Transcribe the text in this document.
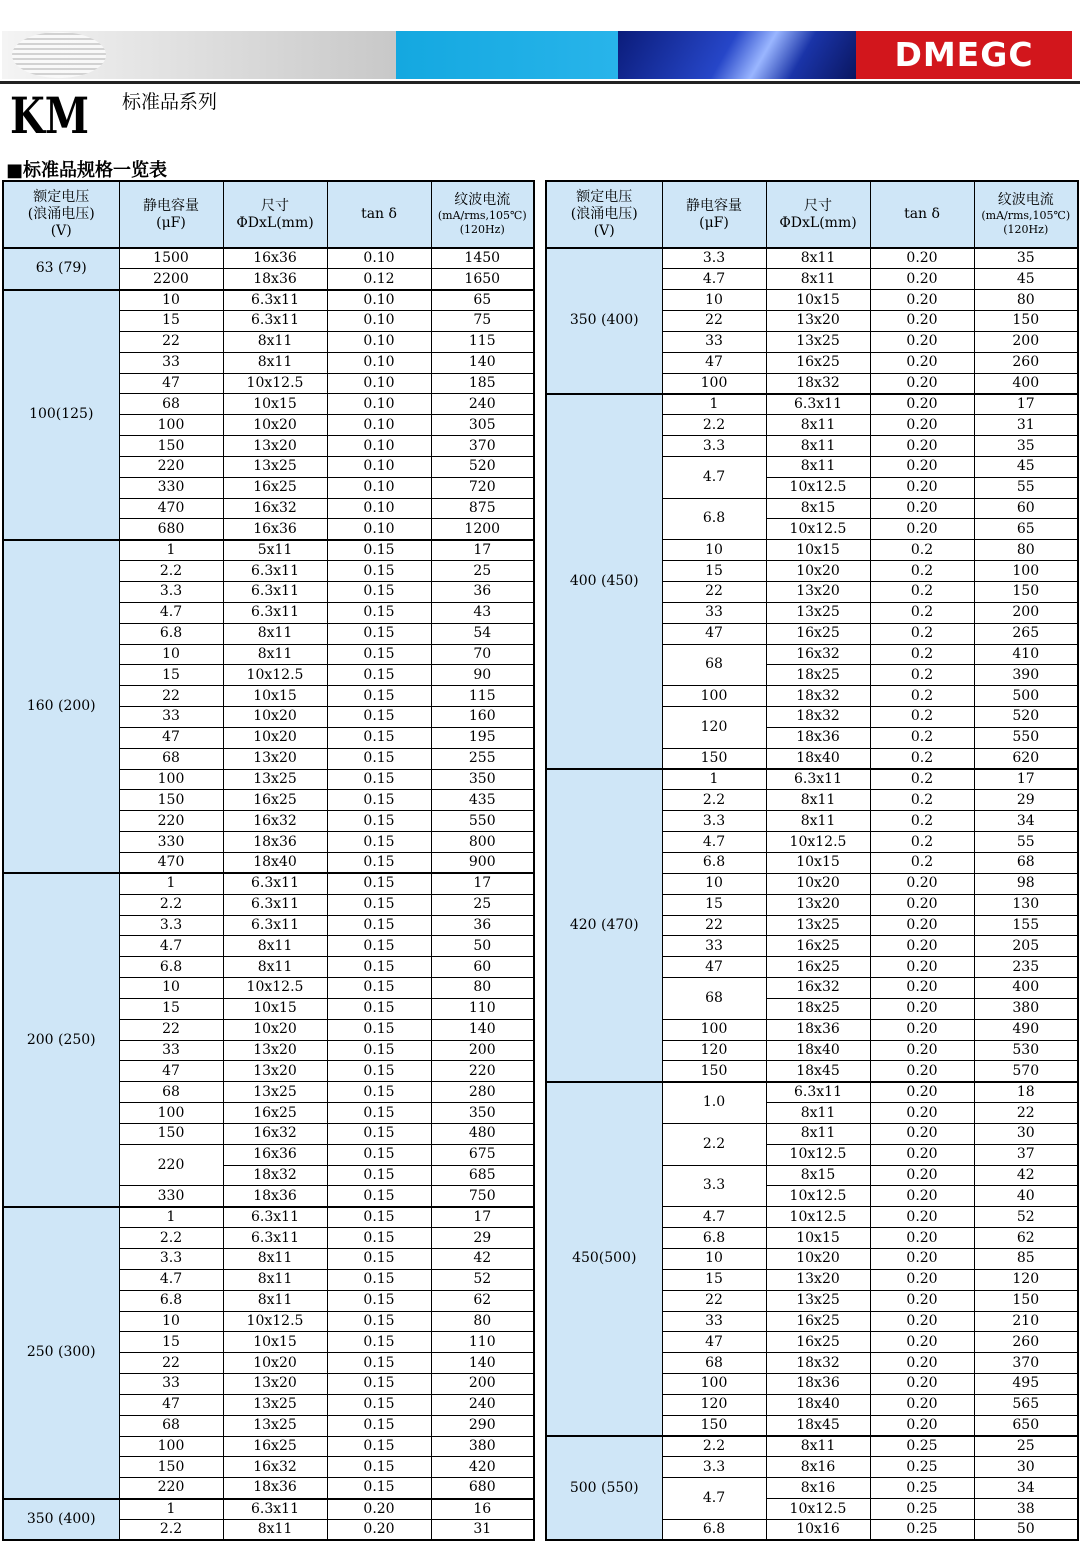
DMEGC
KM 标准品系列
■标准品规格一览表
额定电压
(浪涌电压)
(V)	静电容量
(μF)	尺寸
ΦDxL(mm)	tan δ	纹波电流
(mA/rms,105℃)
(120Hz)

63 (79)	1500	16x36	0.10	1450
	2200	18x36	0.12	1650
100(125)	10	6.3x11	0.10	65
	15	6.3x11	0.10	75
	22	8x11	0.10	115
	33	8x11	0.10	140
	47	10x12.5	0.10	185
	68	10x15	0.10	240
	100	10x20	0.10	305
	150	13x20	0.10	370
	220	13x25	0.10	520
	330	16x25	0.10	720
	470	16x32	0.10	875
	680	16x36	0.10	1200
160 (200)	1	5x11	0.15	17
	2.2	6.3x11	0.15	25
	3.3	6.3x11	0.15	36
	4.7	6.3x11	0.15	43
	6.8	8x11	0.15	54
	10	8x11	0.15	70
	15	10x12.5	0.15	90
	22	10x15	0.15	115
	33	10x20	0.15	160
	47	10x20	0.15	195
	68	13x20	0.15	255
	100	13x25	0.15	350
	150	16x25	0.15	435
	220	16x32	0.15	550
	330	18x36	0.15	800
	470	18x40	0.15	900
200 (250)	1	6.3x11	0.15	17
	2.2	6.3x11	0.15	25
	3.3	6.3x11	0.15	36
	4.7	8x11	0.15	50
	6.8	8x11	0.15	60
	10	10x12.5	0.15	80
	15	10x15	0.15	110
	22	10x20	0.15	140
	33	13x20	0.15	200
	47	13x20	0.15	220
	68	13x25	0.15	280
	100	16x25	0.15	350
	150	16x32	0.15	480
	220	16x36	0.15	675
		18x32	0.15	685
	330	18x36	0.15	750
250 (300)	1	6.3x11	0.15	17
	2.2	6.3x11	0.15	29
	3.3	8x11	0.15	42
	4.7	8x11	0.15	52
	6.8	8x11	0.15	62
	10	10x12.5	0.15	80
	15	10x15	0.15	110
	22	10x20	0.15	140
	33	13x20	0.15	200
	47	13x25	0.15	240
	68	13x25	0.15	290
	100	16x25	0.15	380
	150	16x32	0.15	420
	220	18x36	0.15	680
350 (400)	1	6.3x11	0.20	16
	2.2	8x11	0.20	31
额定电压
(浪涌电压)
(V)	静电容量
(μF)	尺寸
ΦDxL(mm)	tan δ	纹波电流
(mA/rms,105℃)
(120Hz)

350 (400)	3.3	8x11	0.20	35
	4.7	8x11	0.20	45
	10	10x15	0.20	80
	22	13x20	0.20	150
	33	13x25	0.20	200
	47	16x25	0.20	260
	100	18x32	0.20	400
400 (450)	1	6.3x11	0.20	17
	2.2	8x11	0.20	31
	3.3	8x11	0.20	35
	4.7	8x11	0.20	45
		10x12.5	0.20	55
	6.8	8x15	0.20	60
		10x12.5	0.20	65
	10	10x15	0.2	80
	15	10x20	0.2	100
	22	13x20	0.2	150
	33	13x25	0.2	200
	47	16x25	0.2	265
	68	16x32	0.2	410
		18x25	0.2	390
	100	18x32	0.2	500
	120	18x32	0.2	520
		18x36	0.2	550
	150	18x40	0.2	620
420 (470)	1	6.3x11	0.2	17
	2.2	8x11	0.2	29
	3.3	8x11	0.2	34
	4.7	10x12.5	0.2	55
	6.8	10x15	0.2	68
	10	10x20	0.20	98
	15	13x20	0.20	130
	22	13x25	0.20	155
	33	16x25	0.20	205
	47	16x25	0.20	235
	68	16x32	0.20	400
		18x25	0.20	380
	100	18x36	0.20	490
	120	18x40	0.20	530
	150	18x45	0.20	570
450(500)	1.0	6.3x11	0.20	18
		8x11	0.20	22
	2.2	8x11	0.20	30
		10x12.5	0.20	37
	3.3	8x15	0.20	42
		10x12.5	0.20	40
	4.7	10x12.5	0.20	52
	6.8	10x15	0.20	62
	10	10x20	0.20	85
	15	13x20	0.20	120
	22	13x25	0.20	150
	33	16x25	0.20	210
	47	16x25	0.20	260
	68	18x32	0.20	370
	100	18x36	0.20	495
	120	18x40	0.20	565
	150	18x45	0.20	650
500 (550)	2.2	8x11	0.25	25
	3.3	8x16	0.25	30
	4.7	8x16	0.25	34
		10x12.5	0.25	38
	6.8	10x16	0.25	50
